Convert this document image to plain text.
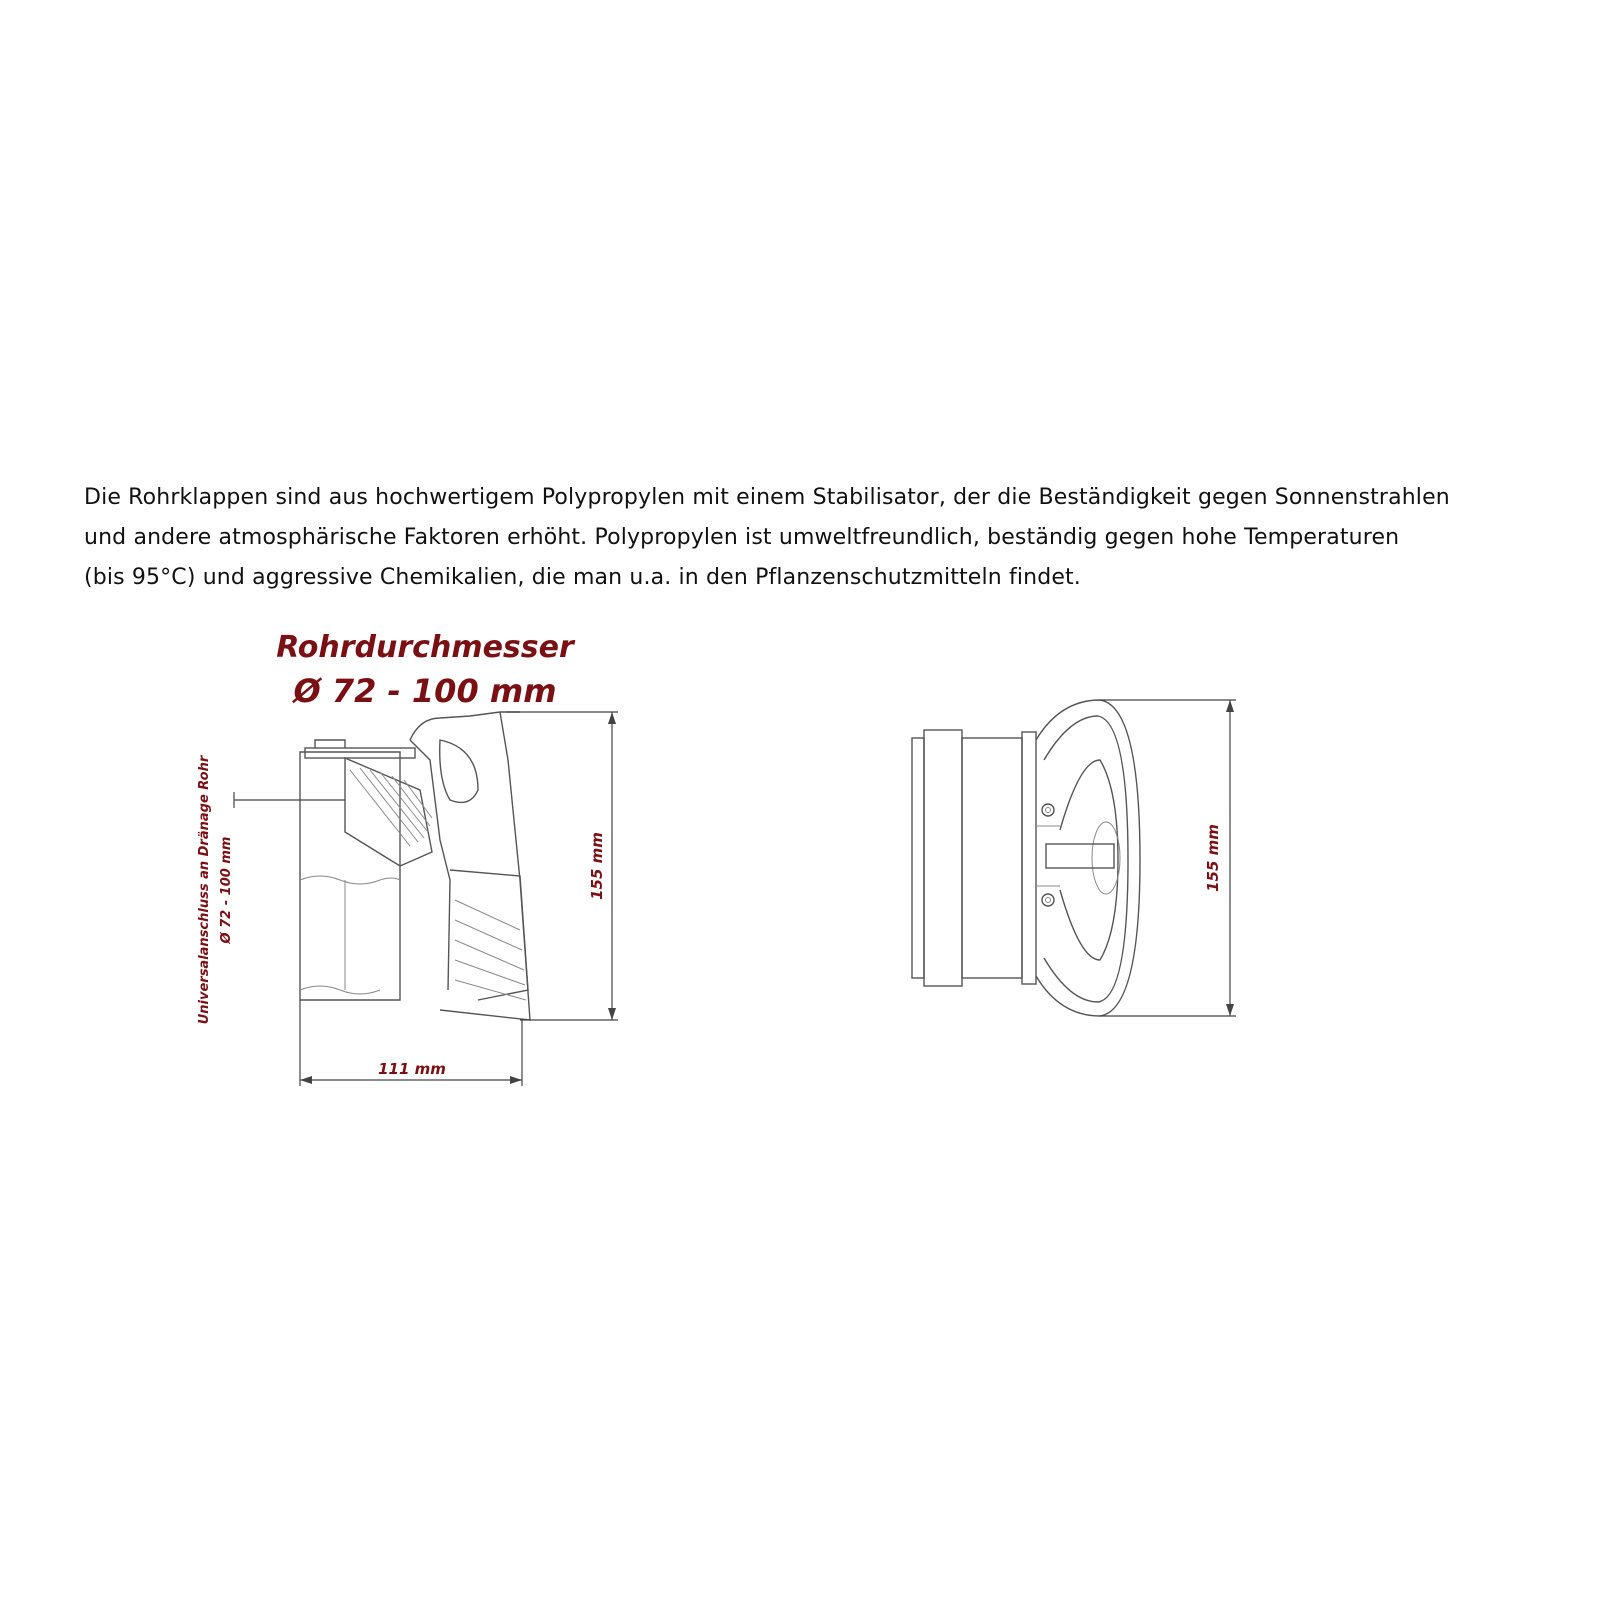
Die Rohrklappen sind aus hochwertigem Polypropylen mit einem Stabilisator, der die Beständigkeit gegen Sonnenstrahlen
und andere atmosphärische Faktoren erhöht. Polypropylen ist umweltfreundlich, beständig gegen hohe Temperaturen
(bis 95°C) und aggressive Chemikalien, die man u.a. in den Pflanzenschutzmitteln findet.
Rohrdurchmesser
Ø 72 - 100 mm
155 mm
111 mm
Universalanschluss an Dränage Rohr Ø 72 - 100 mm	155 mm
